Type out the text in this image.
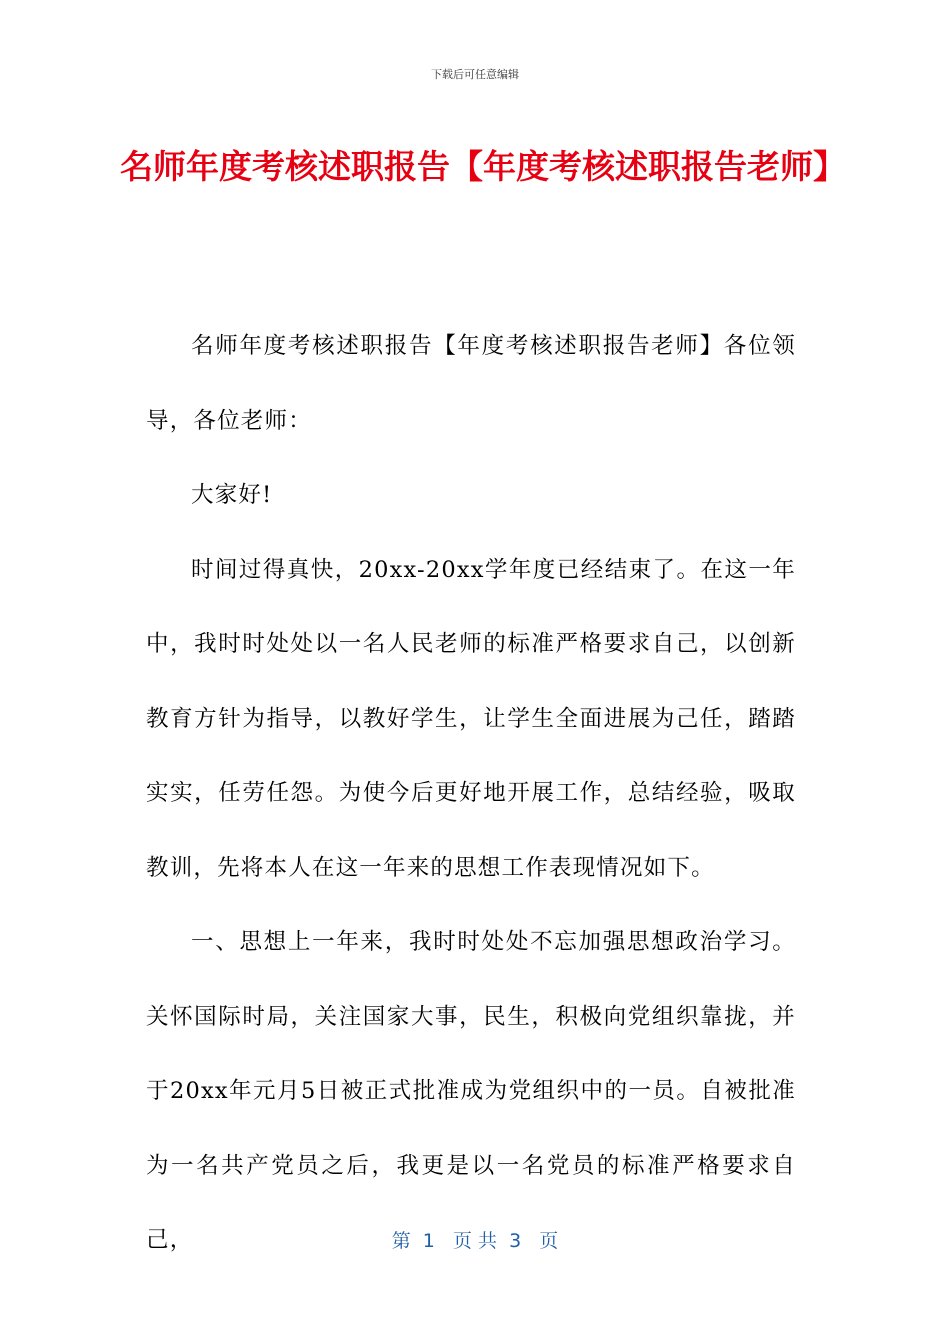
下载后可任意编辑
名师年度考核述职报告【年度考核述职报告老师】

名师年度考核述职报告【年度考核述职报告老师】各位领导，各位老师：

大家好!

时间过得真快，20xx-20xx学年度已经结束了。在这一年中，我时时处处以一名人民老师的标准严格要求自己，以创新教育方针为指导，以教好学生，让学生全面进展为己任，踏踏实实，任劳任怨。为使今后更好地开展工作，总结经验，吸取教训，先将本人在这一年来的思想工作表现情况如下。

一、思想上一年来，我时时处处不忘加强思想政治学习。关怀国际时局，关注国家大事，民生，积极向党组织靠拢，并于20xx年元月5日被正式批准成为党组织中的一员。自被批准为一名共产党员之后，我更是以一名党员的标准严格要求自己，	第  1   页 共  3   页
